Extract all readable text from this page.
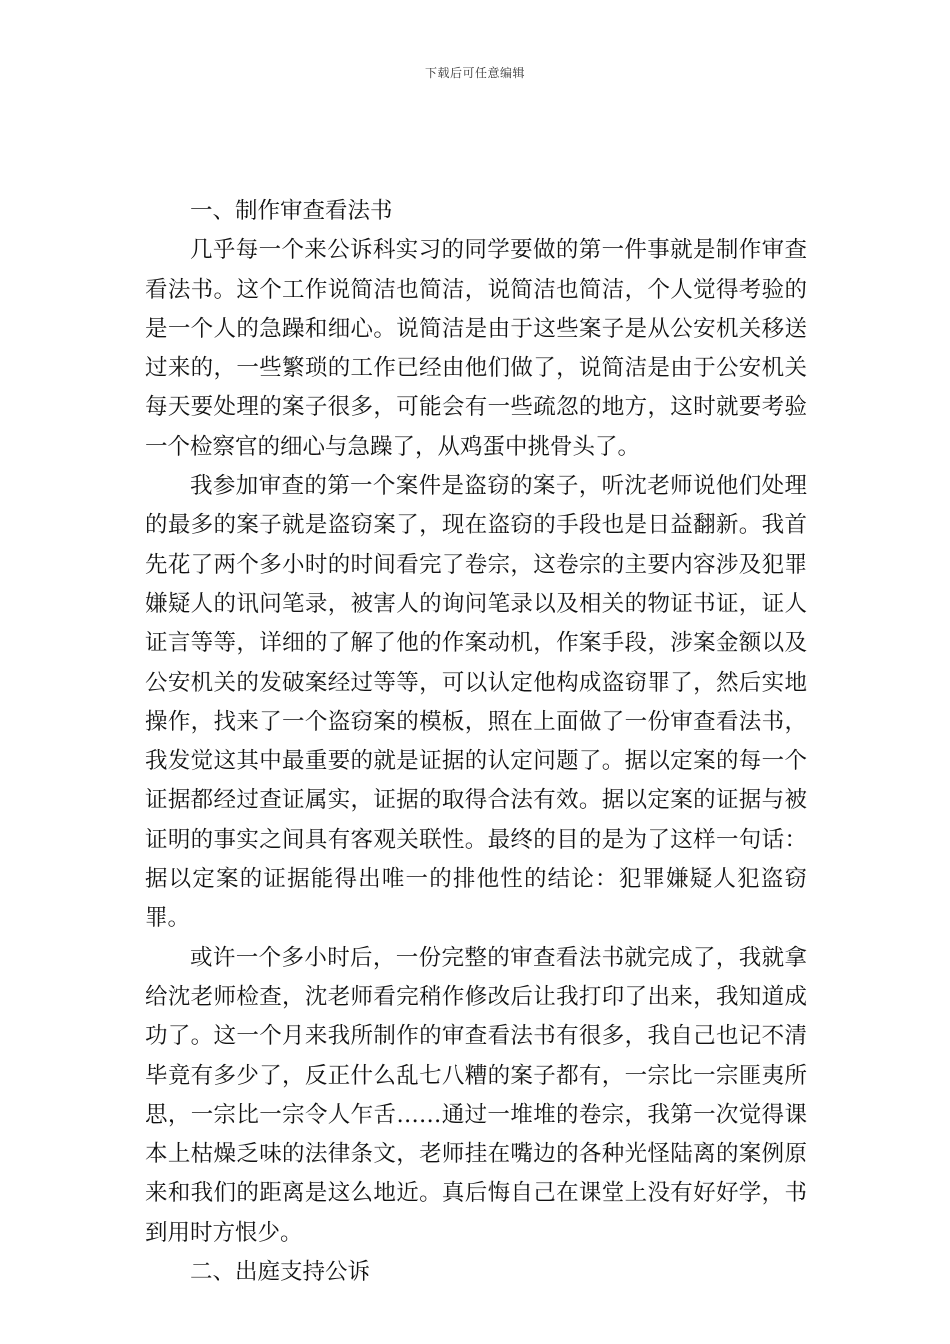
下载后可任意编辑

一、制作审查看法书

几乎每一个来公诉科实习的同学要做的第一件事就是制作审查看法书。这个工作说简洁也简洁，说简洁也简洁，个人觉得考验的是一个人的急躁和细心。说简洁是由于这些案子是从公安机关移送过来的，一些繁琐的工作已经由他们做了，说简洁是由于公安机关每天要处理的案子很多，可能会有一些疏忽的地方，这时就要考验一个检察官的细心与急躁了，从鸡蛋中挑骨头了。

我参加审查的第一个案件是盗窃的案子，听沈老师说他们处理的最多的案子就是盗窃案了，现在盗窃的手段也是日益翻新。我首先花了两个多小时的时间看完了卷宗，这卷宗的主要内容涉及犯罪嫌疑人的讯问笔录，被害人的询问笔录以及相关的物证书证，证人证言等等，详细的了解了他的作案动机，作案手段，涉案金额以及公安机关的发破案经过等等，可以认定他构成盗窃罪了，然后实地操作，找来了一个盗窃案的模板，照在上面做了一份审查看法书，我发觉这其中最重要的就是证据的认定问题了。据以定案的每一个证据都经过查证属实，证据的取得合法有效。据以定案的证据与被证明的事实之间具有客观关联性。最终的目的是为了这样一句话：据以定案的证据能得出唯一的排他性的结论：犯罪嫌疑人犯盗窃罪。

或许一个多小时后，一份完整的审查看法书就完成了，我就拿给沈老师检查，沈老师看完稍作修改后让我打印了出来，我知道成功了。这一个月来我所制作的审查看法书有很多，我自己也记不清毕竟有多少了，反正什么乱七八糟的案子都有，一宗比一宗匪夷所思，一宗比一宗令人乍舌……通过一堆堆的卷宗，我第一次觉得课本上枯燥乏味的法律条文，老师挂在嘴边的各种光怪陆离的案例原来和我们的距离是这么地近。真后悔自己在课堂上没有好好学，书到用时方恨少。

二、出庭支持公诉
